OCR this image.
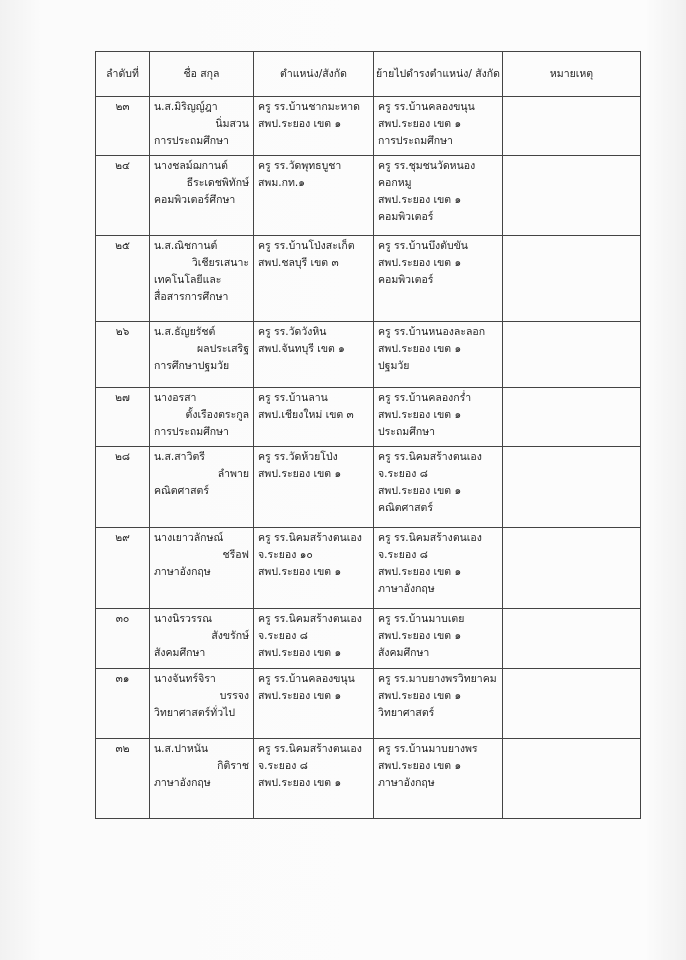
ลำดับที่	ชื่อ สกุล	ตำแหน่ง/สังกัด	ย้ายไปดำรงตำแหน่ง/ สังกัด	หมายเหตุ
๒๓	น.ส.มิริญญ์ฎา
นิ่มสวน
การประถมศึกษา	ครู รร.บ้านชากมะหาด
สพป.ระยอง เขต ๑	ครู รร.บ้านคลองขนุน
สพป.ระยอง เขต ๑
การประถมศึกษา	

๒๔	นางชลม์ฌกานต์
ธีระเดชพิทักษ์
คอมพิวเตอร์ศึกษา	ครู รร.วัดพุทธบูชา
สพม.กท.๑	ครู รร.ชุมชนวัดหนอง
คอกหมู
สพป.ระยอง เขต ๑
คอมพิวเตอร์	

๒๕	น.ส.ณิชกานต์
วิเชียรเสนาะ
เทคโนโลยีและ
สื่อสารการศึกษา	ครู รร.บ้านโป่งสะเก็ต
สพป.ชลบุรี เขต ๓	ครู รร.บ้านบึงตับขัน
สพป.ระยอง เขต ๑
คอมพิวเตอร์	

๒๖	น.ส.ธัญยรัชต์
ผลประเสริฐ
การศึกษาปฐมวัย	ครู รร.วัดวังหิน
สพป.จันทบุรี เขต ๑	ครู รร.บ้านหนองละลอก
สพป.ระยอง เขต ๑
ปฐมวัย	

๒๗	นางอรสา
ตั้งเรืองตระกูล
การประถมศึกษา	ครู รร.บ้านลาน
สพป.เชียงใหม่ เขต ๓	ครู รร.บ้านคลองกร่ำ
สพป.ระยอง เขต ๑
ประถมศึกษา	

๒๘	น.ส.สาวิตรี
ลำพาย
คณิตศาสตร์	ครู รร.วัดห้วยโป่ง
สพป.ระยอง เขต ๑	ครู รร.นิคมสร้างตนเอง
จ.ระยอง ๘
สพป.ระยอง เขต ๑
คณิตศาสตร์	

๒๙	นางเยาวลักษณ์
ชรีอฟ
ภาษาอังกฤษ	ครู รร.นิคมสร้างตนเอง
จ.ระยอง ๑๐
สพป.ระยอง เขต ๑	ครู รร.นิคมสร้างตนเอง
จ.ระยอง ๘
สพป.ระยอง เขต ๑
ภาษาอังกฤษ	

๓๐	นางนิรวรรณ
สังขรักษ์
สังคมศึกษา	ครู รร.นิคมสร้างตนเอง
จ.ระยอง ๘
สพป.ระยอง เขต ๑	ครู รร.บ้านมาบเตย
สพป.ระยอง เขต ๑
สังคมศึกษา	

๓๑	นางจันทร์จิรา
บรรจง
วิทยาศาสตร์ทั่วไป	ครู รร.บ้านคลองขนุน
สพป.ระยอง เขต ๑	ครู รร.มาบยางพรวิทยาคม
สพป.ระยอง เขต ๑
วิทยาศาสตร์	

๓๒	น.ส.ปาหนัน
กิติราช
ภาษาอังกฤษ	ครู รร.นิคมสร้างตนเอง
จ.ระยอง ๘
สพป.ระยอง เขต ๑	ครู รร.บ้านมาบยางพร
สพป.ระยอง เขต ๑
ภาษาอังกฤษ	
